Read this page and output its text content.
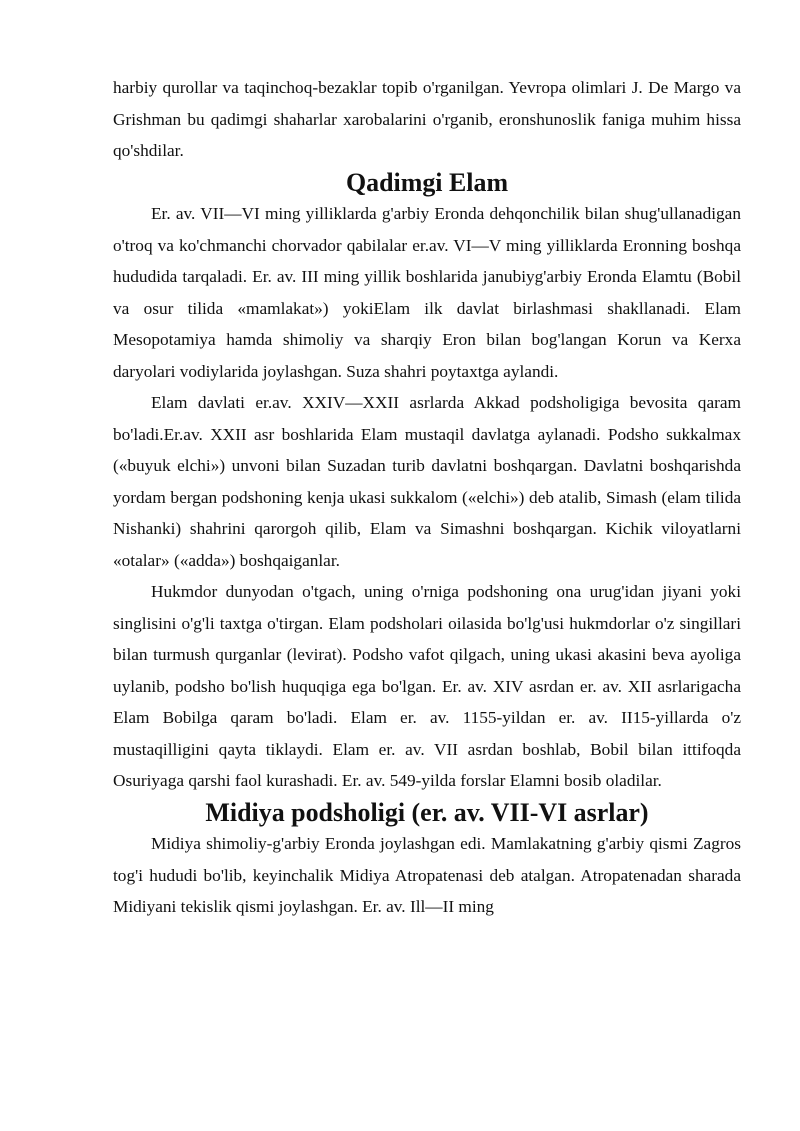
harbiy qurollar va taqinchoq-bezaklar topib o'rganilgan. Yevropa olimlari J. De Margo va Grishman bu qadimgi shaharlar xarobalarini o'rganib, eronshunoslik faniga muhim hissa qo'shdilar.

Qadimgi Elam

Er. av. VII—VI ming yilliklarda g'arbiy Eronda dehqonchilik bilan shug'ullanadigan o'troq va ko'chmanchi chorvador qabilalar er.av. VI—V ming yilliklarda Eronning boshqa hududida tarqaladi. Er. av. III ming yillik boshlarida janubiyg'arbiy Eronda Elamtu (Bobil va osur tilida «mamlakat») yokiElam ilk davlat birlashmasi shakllanadi. Elam Mesopotamiya hamda shimoliy va sharqiy Eron bilan bog'langan Korun va Kerxa daryolari vodiylarida joylashgan. Suza shahri poytaxtga aylandi.

Elam davlati er.av. XXIV—XXII asrlarda Akkad podsholigiga bevosita qaram bo'ladi.Er.av. XXII asr boshlarida Elam mustaqil davlatga aylanadi. Podsho sukkalmax («buyuk elchi») unvoni bilan Suzadan turib davlatni boshqargan. Davlatni boshqarishda yordam bergan podshoning kenja ukasi sukkalom («elchi») deb atalib, Simash (elam tilida Nishanki) shahrini qarorgoh qilib, Elam va Simashni boshqargan. Kichik viloyatlarni «otalar» («adda») boshqaiganlar.

Hukmdor dunyodan o'tgach, uning o'rniga podshoning ona urug'idan jiyani yoki singlisini o'g'li taxtga o'tirgan. Elam podsholari oilasida bo'lg'usi hukmdorlar o'z singillari bilan turmush qurganlar (levirat). Podsho vafot qilgach, uning ukasi akasini beva ayoliga uylanib, podsho bo'lish huquqiga ega bo'lgan. Er. av. XIV asrdan er. av. XII asrlarigacha Elam Bobilga qaram bo'ladi. Elam er. av. 1155-yildan er. av. II15-yillarda o'z mustaqilligini qayta tiklaydi. Elam er. av. VII asrdan boshlab, Bobil bilan ittifoqda Osuriyaga qarshi faol kurashadi. Er. av. 549-yilda forslar Elamni bosib oladilar.

Midiya podsholigi (er. av. VII-VI asrlar)

Midiya shimoliy-g'arbiy Eronda joylashgan edi. Mamlakatning g'arbiy qismi Zagros tog'i hududi bo'lib, keyinchalik Midiya Atropatenasi deb atalgan. Atropatenadan sharada Midiyani tekislik qismi joylashgan. Er. av. Ill—II ming
